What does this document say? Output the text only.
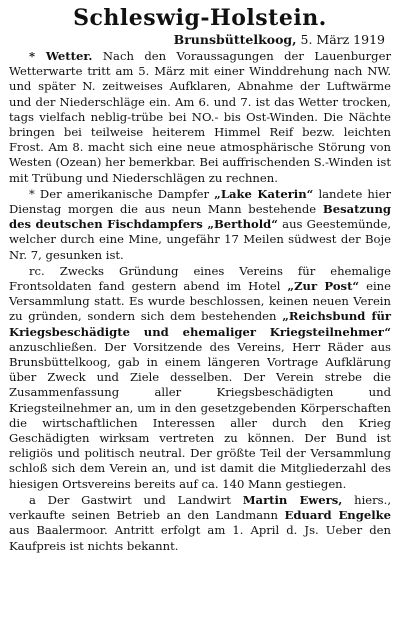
Schleswig-Holstein.
Brunsbüttelkoog, 5. März 1919

* Wetter. Nach den Voraussagungen der Lauenburger Wetterwarte tritt am 5. März mit einer Winddrehung nach NW. und später N. zeitweises Aufklaren, Abnahme der Luftwärme und der Niederschläge ein. Am 6. und 7. ist das Wetter trocken, tags vielfach neblig-trübe bei NO.- bis Ost-Winden. Die Nächte bringen bei teilweise heiterem Himmel Reif bezw. leichten Frost. Am 8. macht sich eine neue atmosphärische Störung von Westen (Ozean) her bemerkbar. Bei auffrischenden S.-Winden ist mit Trübung und Niederschlägen zu rechnen.

* Der amerikanische Dampfer „Lake Katerin“ landete hier Dienstag morgen die aus neun Mann bestehende Besatzung des deutschen Fischdampfers „Berthold“ aus Geestemünde, welcher durch eine Mine, ungefähr 17 Meilen südwest der Boje Nr. 7, gesunken ist.

rc. Zwecks Gründung eines Vereins für ehemalige Frontsoldaten fand gestern abend im Hotel „Zur Post“ eine Versammlung statt. Es wurde beschlossen, keinen neuen Verein zu gründen, sondern sich dem bestehenden „Reichsbund für Kriegsbeschädigte und ehemaliger Kriegsteilnehmer“ anzuschließen. Der Vorsitzende des Vereins, Herr Räder aus Brunsbüttelkoog, gab in einem längeren Vortrage Aufklärung über Zweck und Ziele desselben. Der Verein strebe die Zusammenfassung aller Kriegsbeschädigten und Kriegsteilnehmer an, um in den gesetzgebenden Körperschaften die wirtschaftlichen Interessen aller durch den Krieg Geschädigten wirksam vertreten zu können. Der Bund ist religiös und politisch neutral. Der größte Teil der Versammlung schloß sich dem Verein an, und ist damit die Mitgliederzahl des hiesigen Ortsvereins bereits auf ca. 140 Mann gestiegen.

a Der Gastwirt und Landwirt Martin Ewers, hiers., verkaufte seinen Betrieb an den Landmann Eduard Engelke aus Baalermoor. Antritt erfolgt am 1. April d. Js. Ueber den Kaufpreis ist nichts bekannt.
